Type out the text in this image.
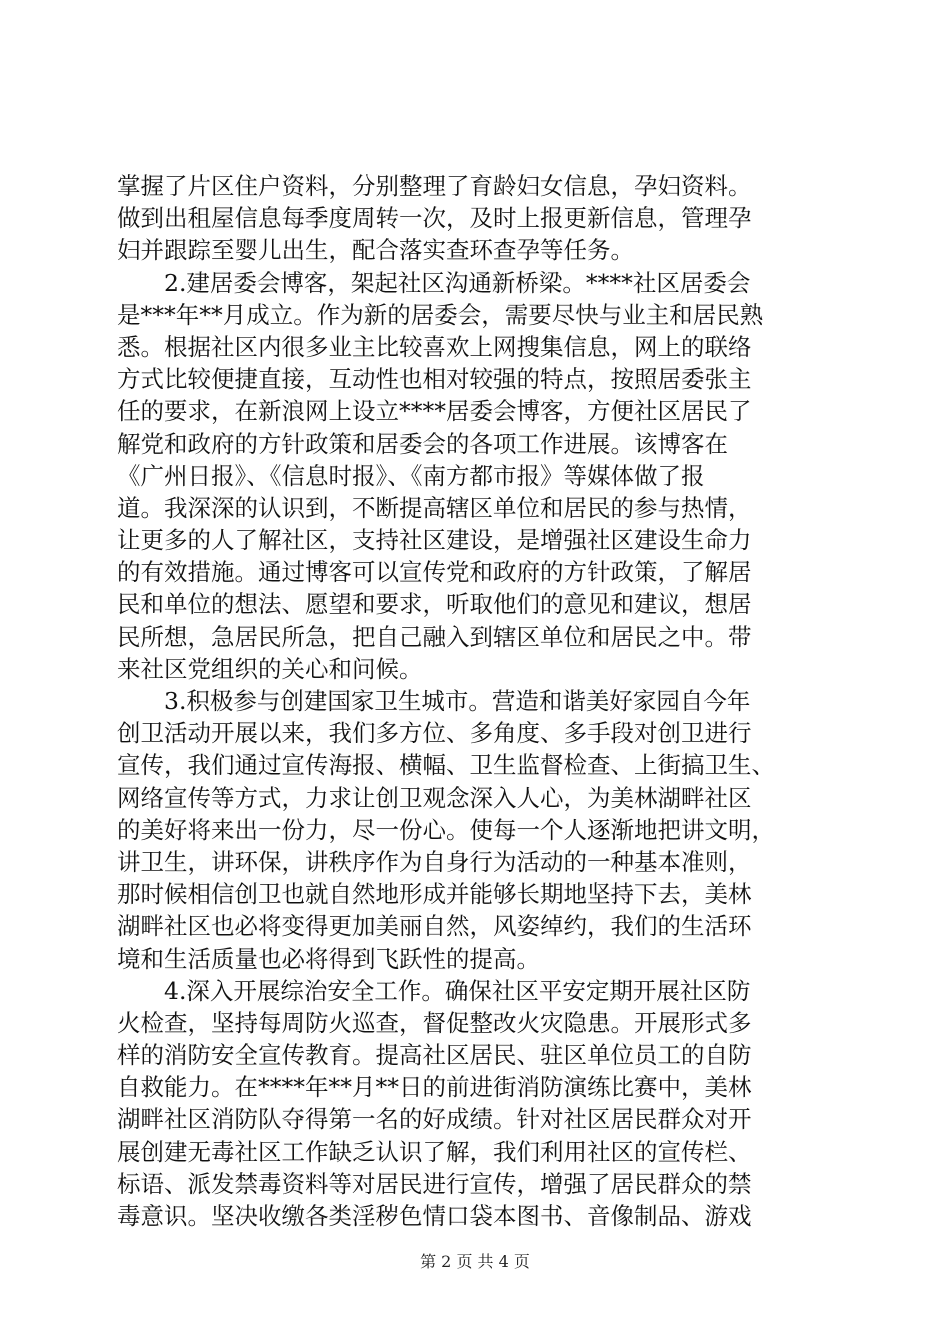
掌握了片区住户资料，分别整理了育龄妇女信息，孕妇资料。
做到出租屋信息每季度周转一次，及时上报更新信息，管理孕
妇并跟踪至婴儿出生，配合落实查环查孕等任务。
2.建居委会博客，架起社区沟通新桥梁。****社区居委会
是***年**月成立。作为新的居委会，需要尽快与业主和居民熟
悉。根据社区内很多业主比较喜欢上网搜集信息，网上的联络
方式比较便捷直接，互动性也相对较强的特点，按照居委张主
任的要求，在新浪网上设立****居委会博客，方便社区居民了
解党和政府的方针政策和居委会的各项工作进展。该博客在
《广州日报》、《信息时报》、《南方都市报》等媒体做了报
道。我深深的认识到，不断提高辖区单位和居民的参与热情，
让更多的人了解社区，支持社区建设，是增强社区建设生命力
的有效措施。通过博客可以宣传党和政府的方针政策，了解居
民和单位的想法、愿望和要求，听取他们的意见和建议，想居
民所想，急居民所急，把自己融入到辖区单位和居民之中。带
来社区党组织的关心和问候。
3.积极参与创建国家卫生城市。营造和谐美好家园自今年
创卫活动开展以来，我们多方位、多角度、多手段对创卫进行
宣传，我们通过宣传海报、横幅、卫生监督检查、上街搞卫生、
网络宣传等方式，力求让创卫观念深入人心，为美林湖畔社区
的美好将来出一份力，尽一份心。使每一个人逐渐地把讲文明，
讲卫生，讲环保，讲秩序作为自身行为活动的一种基本准则，
那时候相信创卫也就自然地形成并能够长期地坚持下去，美林
湖畔社区也必将变得更加美丽自然，风姿绰约，我们的生活环
境和生活质量也必将得到飞跃性的提高。
4.深入开展综治安全工作。确保社区平安定期开展社区防
火检查，坚持每周防火巡查，督促整改火灾隐患。开展形式多
样的消防安全宣传教育。提高社区居民、驻区单位员工的自防
自救能力。在****年**月**日的前进街消防演练比赛中，美林
湖畔社区消防队夺得第一名的好成绩。针对社区居民群众对开
展创建无毒社区工作缺乏认识了解，我们利用社区的宣传栏、
标语、派发禁毒资料等对居民进行宣传，增强了居民群众的禁
毒意识。坚决收缴各类淫秽色情口袋本图书、音像制品、游戏
第 2 页 共 4 页
